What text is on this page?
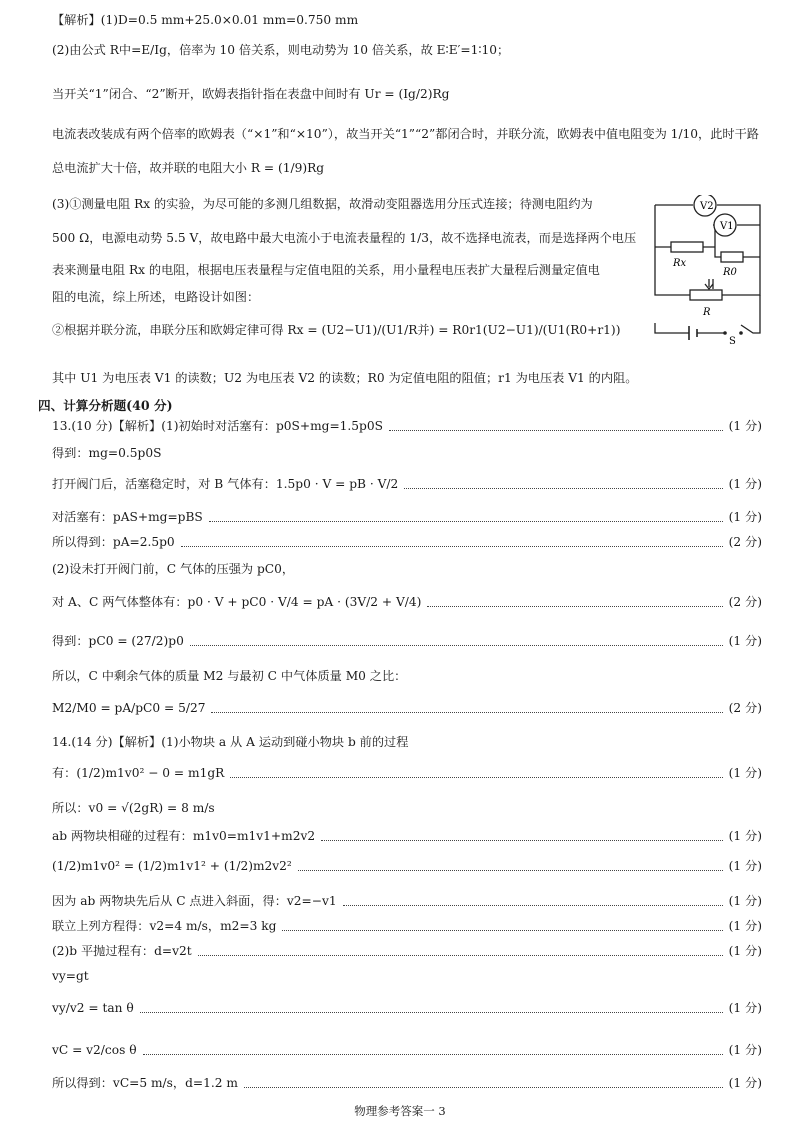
【解析】(1)D=0.5 mm+25.0×0.01 mm=0.750 mm
(2)由公式 R中=E/Ig，倍率为 10 倍关系，则电动势为 10 倍关系，故 E∶E′=1∶10；
当开关“1”闭合、“2”断开，欧姆表指针指在表盘中间时有 Ur = (Ig/2)Rg
电流表改装成有两个倍率的欧姆表（“×1”和“×10”），故当开关“1”“2”都闭合时，并联分流，欧姆表中值电阻变为 1/10，此时干路
总电流扩大十倍，故并联的电阻大小 R = (1/9)Rg
(3)①测量电阻 Rx 的实验，为尽可能的多测几组数据，故滑动变阻器选用分压式连接；待测电阻约为
500 Ω，电源电动势 5.5 V，故电路中最大电流小于电流表量程的 1/3，故不选择电流表，而是选择两个电压
表来测量电阻 Rx 的电阻，根据电压表量程与定值电阻的关系，用小量程电压表扩大量程后测量定值电
阻的电流，综上所述，电路设计如图：
②根据并联分流，串联分压和欧姆定律可得 Rx = (U2−U1)/(U1/R并) = R0r1(U2−U1)/(U1(R0+r1))
其中 U1 为电压表 V1 的读数；U2 为电压表 V2 的读数；R0 为定值电阻的阻值；r1 为电压表 V1 的内阻。
V2
V1
Rx
R0
R
S
四、计算分析题(40 分)
13.(10 分)【解析】(1)初始时对活塞有：p0S+mg=1.5p0S	(1 分)
得到：mg=0.5p0S
打开阀门后，活塞稳定时，对 B 气体有：1.5p0 · V = pB · V/2	(1 分)
对活塞有：pAS+mg=pBS	(1 分)
所以得到：pA=2.5p0	(2 分)
(2)设未打开阀门前，C 气体的压强为 pC0，
对 A、C 两气体整体有：p0 · V + pC0 · V/4 = pA · (3V/2 + V/4)	(2 分)
得到：pC0 = (27/2)p0	(1 分)
所以，C 中剩余气体的质量 M2 与最初 C 中气体质量 M0 之比：
M2/M0 = pA/pC0 = 5/27	(2 分)
14.(14 分)【解析】(1)小物块 a 从 A 运动到碰小物块 b 前的过程
有：(1/2)m1v0² − 0 = m1gR	(1 分)
所以：v0 = √(2gR) = 8 m/s
ab 两物块相碰的过程有：m1v0=m1v1+m2v2	(1 分)
(1/2)m1v0² = (1/2)m1v1² + (1/2)m2v2²	(1 分)
因为 ab 两物块先后从 C 点进入斜面，得：v2=−v1	(1 分)
联立上列方程得：v2=4 m/s，m2=3 kg	(1 分)
(2)b 平抛过程有：d=v2t	(1 分)
vy=gt
vy/v2 = tan θ	(1 分)
vC = v2/cos θ	(1 分)
所以得到：vC=5 m/s，d=1.2 m	(1 分)
物理参考答案一 3
